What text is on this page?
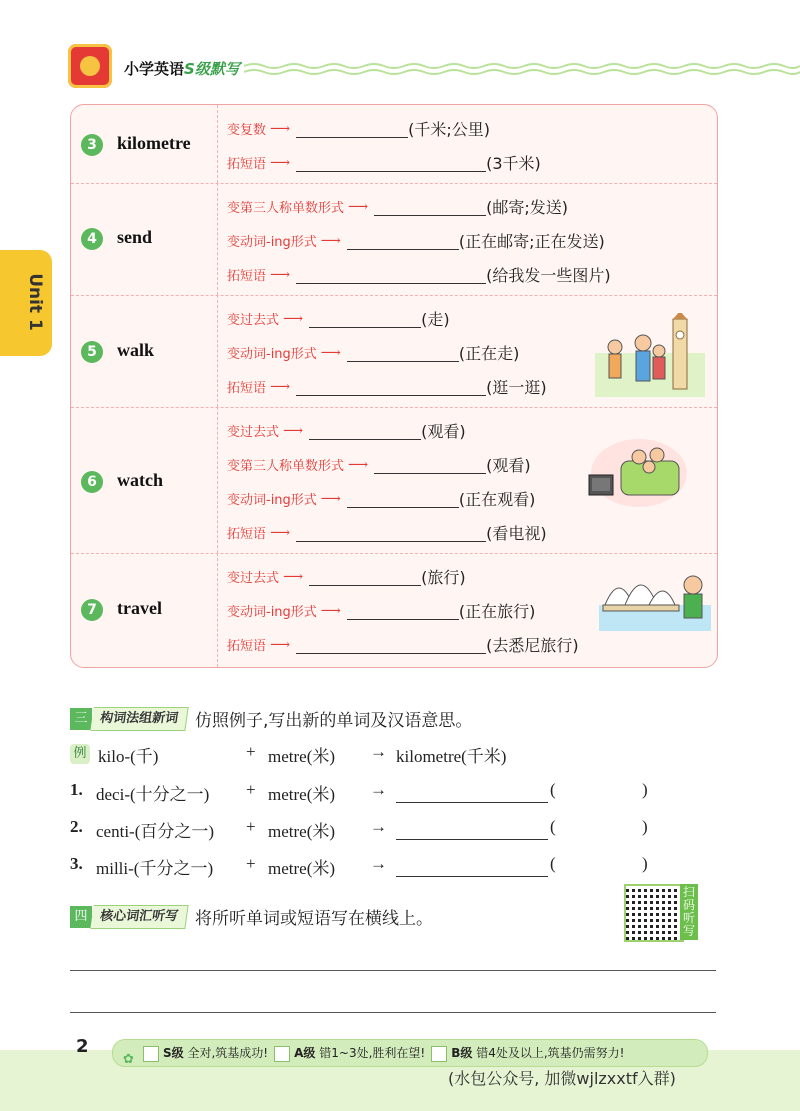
小学英语S级默写
Unit 1
3	kilometre
变复数 ⟶	(千米;公里)
拓短语 ⟶	(3千米)
4	send
变第三人称单数形式 ⟶	(邮寄;发送)
变动词-ing形式 ⟶	(正在邮寄;正在发送)
拓短语 ⟶	(给我发一些图片)
5	walk
变过去式 ⟶	(走)
变动词-ing形式 ⟶	(正在走)
拓短语 ⟶	(逛一逛)
6	watch
变过去式 ⟶	(观看)
变第三人称单数形式 ⟶	(观看)
变动词-ing形式 ⟶	(正在观看)
拓短语 ⟶	(看电视)
7	travel
变过去式 ⟶	(旅行)
变动词-ing形式 ⟶	(正在旅行)
拓短语 ⟶	(去悉尼旅行)
三 构词法组新词 仿照例子,写出新的单词及汉语意思。
例 kilo-(千)	+ metre(米) → kilometre(千米)
1. deci-(十分之一) + metre(米) →	(	)
2. centi-(百分之一) + metre(米) →	(	)
3. milli-(千分之一) + metre(米) →	(	)
四 核心词汇听写 将所听单词或短语写在横线上。
扫码听写
2
✿ S级 全对,筑基成功! A级 错1~3处,胜利在望! B级 错4处及以上,筑基仍需努力!
(水包公众号, 加微wjlzxxtf入群)
